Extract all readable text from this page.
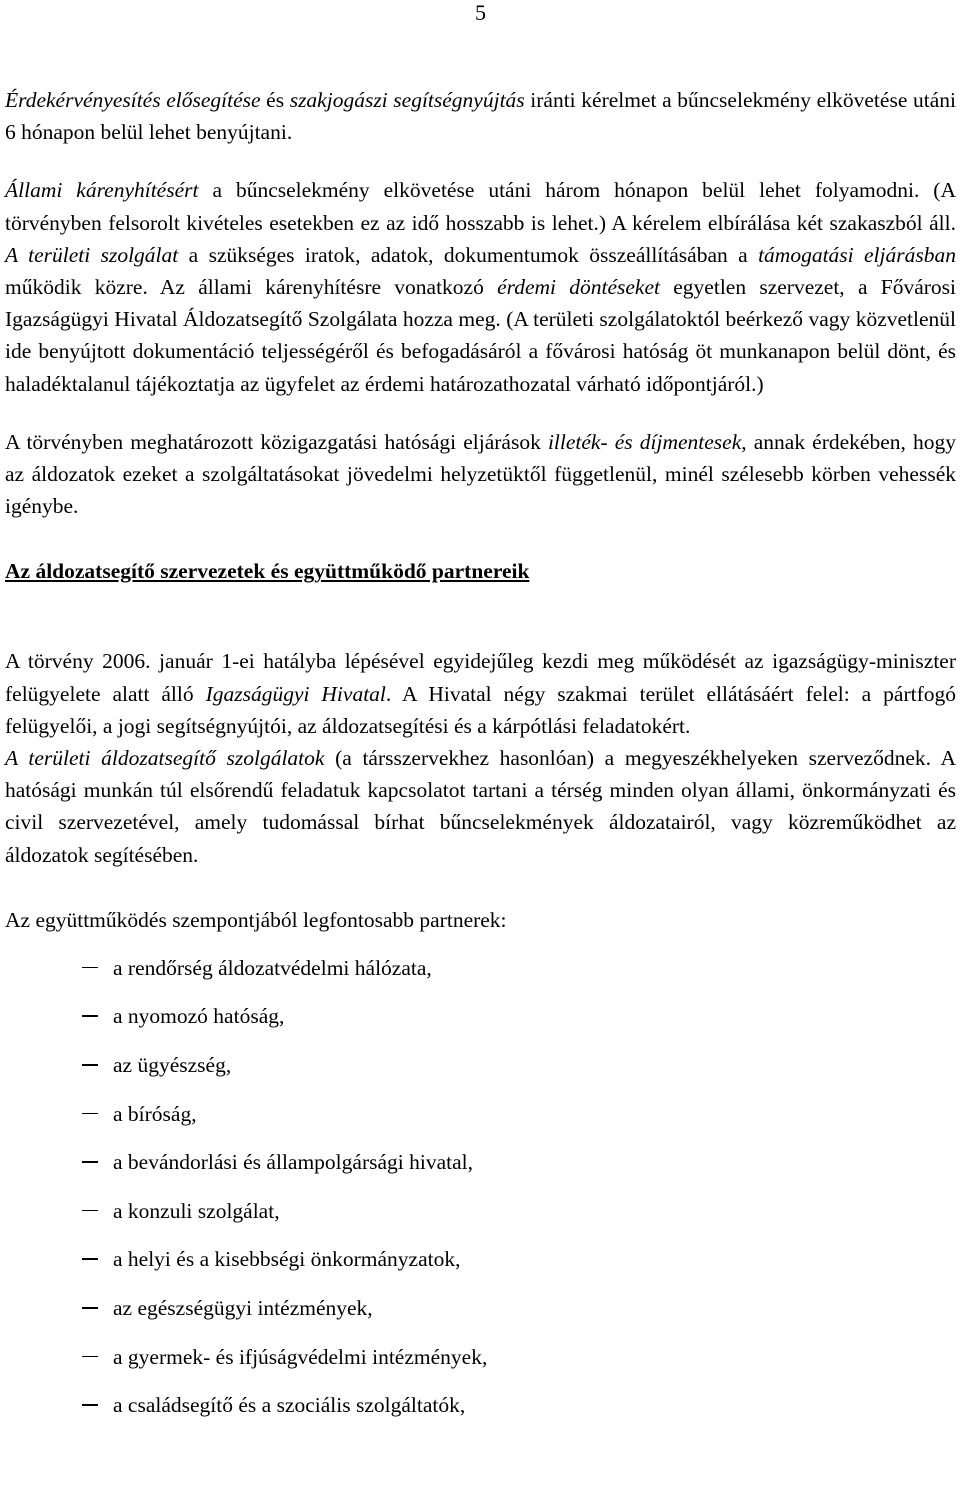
5

Érdekérvényesítés elősegítése és szakjogászi segítségnyújtás iránti kérelmet a bűncselekmény elkövetése utáni 6 hónapon belül lehet benyújtani.

Állami kárenyhítésért a bűncselekmény elkövetése utáni három hónapon belül lehet folyamodni. (A törvényben felsorolt kivételes esetekben ez az idő hosszabb is lehet.) A kérelem elbírálása két szakaszból áll. A területi szolgálat a szükséges iratok, adatok, dokumentumok összeállításában a támogatási eljárásban működik közre. Az állami kárenyhítésre vonatkozó érdemi döntéseket egyetlen szervezet, a Fővárosi Igazságügyi Hivatal Áldozatsegítő Szolgálata hozza meg. (A területi szolgálatoktól beérkező vagy közvetlenül ide benyújtott dokumentáció teljességéről és befogadásáról a fővárosi hatóság öt munkanapon belül dönt, és haladéktalanul tájékoztatja az ügyfelet az érdemi határozathozatal várható időpontjáról.)

A törvényben meghatározott közigazgatási hatósági eljárások illeték- és díjmentesek, annak érdekében, hogy az áldozatok ezeket a szolgáltatásokat jövedelmi helyzetüktől függetlenül, minél szélesebb körben vehessék igénybe.

Az áldozatsegítő szervezetek és együttműködő partnereik

A törvény 2006. január 1-ei hatályba lépésével egyidejűleg kezdi meg működését az igazságügy-miniszter felügyelete alatt álló Igazságügyi Hivatal. A Hivatal négy szakmai terület ellátásáért felel: a pártfogó felügyelői, a jogi segítségnyújtói, az áldozatsegítési és a kárpótlási feladatokért.

A területi áldozatsegítő szolgálatok (a társszervekhez hasonlóan) a megyeszékhelyeken szerveződnek. A hatósági munkán túl elsőrendű feladatuk kapcsolatot tartani a térség minden olyan állami, önkormányzati és civil szervezetével, amely tudomással bírhat bűncselekmények áldozatairól, vagy közreműködhet az áldozatok segítésében.

Az együttműködés szempontjából legfontosabb partnerek:

a rendőrség áldozatvédelmi hálózata,
a nyomozó hatóság,
az ügyészség,
a bíróság,
a bevándorlási és állampolgársági hivatal,
a konzuli szolgálat,
a helyi és a kisebbségi önkormányzatok,
az egészségügyi intézmények,
a gyermek- és ifjúságvédelmi intézmények,
a családsegítő és a szociális szolgáltatók,
